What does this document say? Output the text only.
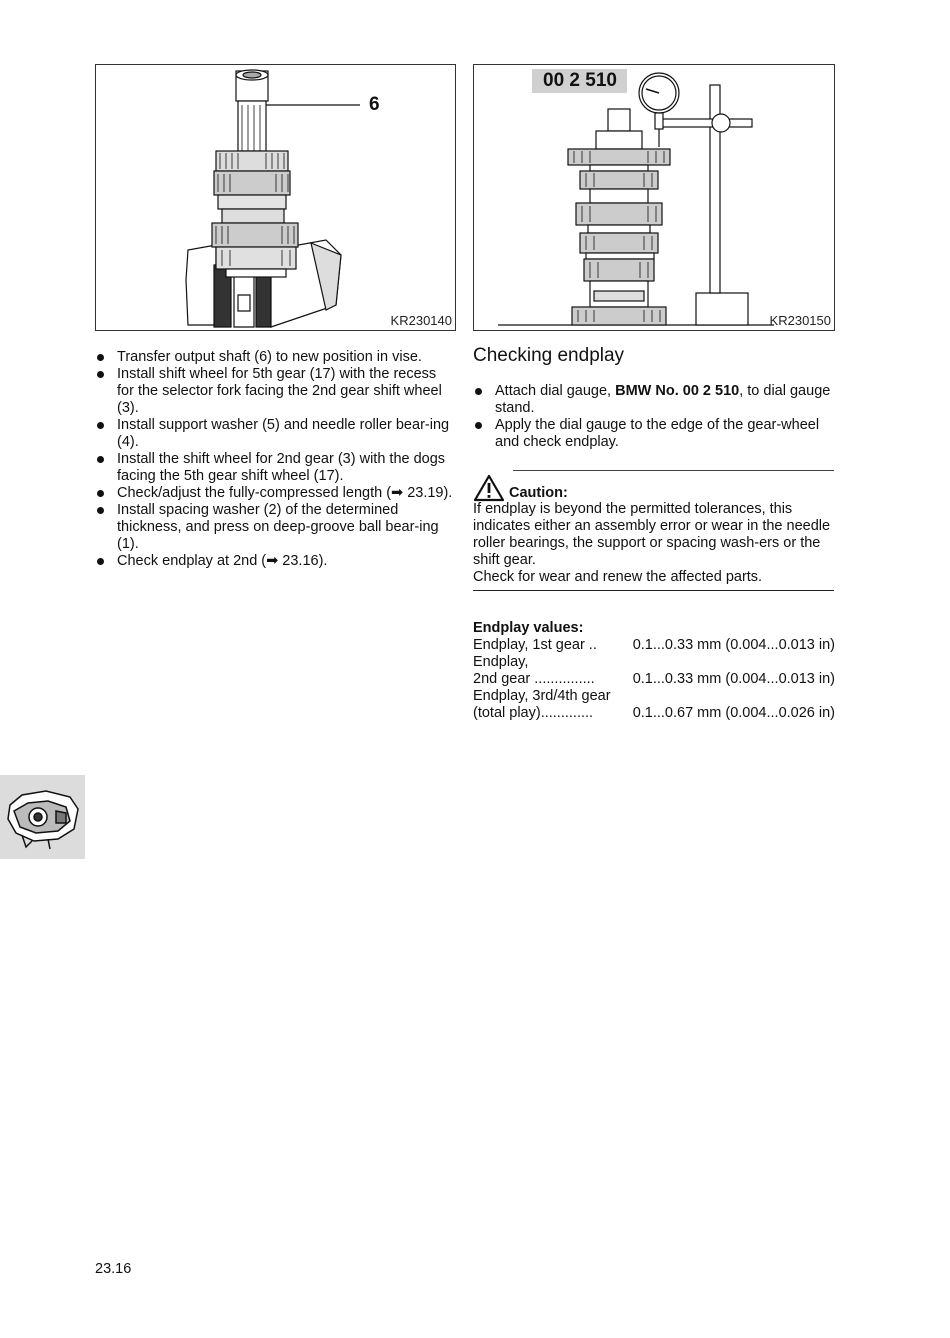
6
KR230140
00 2 510
KR230150
Transfer output shaft (6) to new position in vise.
Install shift wheel for 5th gear (17) with the recess for the selector fork facing the 2nd gear shift wheel (3).
Install support washer (5) and needle roller bear-ing (4).
Install the shift wheel for 2nd gear (3) with the dogs facing the 5th gear shift wheel (17).
Check/adjust the fully-compressed length (➡ 23.19).
Install spacing washer (2) of the determined thickness, and press on deep-groove ball bear-ing (1).
Check endplay at 2nd (➡ 23.16).
Checking endplay
Attach dial gauge, BMW No. 00 2 510, to dial gauge stand.
Apply the dial gauge to the edge of the gear-wheel and check endplay.
Caution:
If endplay is beyond the permitted tolerances, this indicates either an assembly error or wear in the needle roller bearings, the support or spacing wash-ers or the shift gear.
Check for wear and renew the affected parts.
Endplay values:
Endplay, 1st gear .. 0.1...0.33 mm (0.004...0.013 in)
Endplay,
2nd gear ...............	0.1...0.33 mm (0.004...0.013 in)
Endplay, 3rd/4th gear
(total play).............	0.1...0.67 mm (0.004...0.026 in)
23.16
